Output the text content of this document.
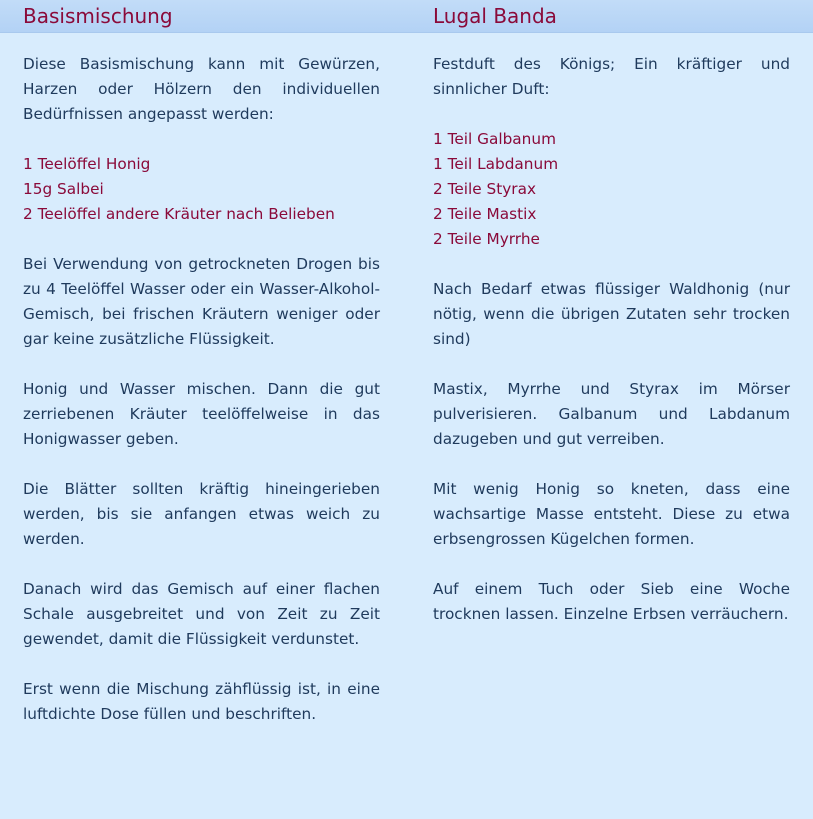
Basismischung

Diese Basismischung kann mit Gewürzen, Harzen oder Hölzern den individuellen Bedürfnissen angepasst werden:

1 Teelöffel Honig
15g Salbei
2 Teelöffel andere Kräuter nach Belieben

Bei Verwendung von getrockneten Drogen bis zu 4 Teelöffel Wasser oder ein Wasser-Alkohol-Gemisch, bei frischen Kräutern weniger oder gar keine zusätzliche Flüssigkeit.

Honig und Wasser mischen. Dann die gut zerriebenen Kräuter teelöffelweise in das Honigwasser geben.

Die Blätter sollten kräftig hineingerieben werden, bis sie anfangen etwas weich zu werden.

Danach wird das Gemisch auf einer flachen Schale ausgebreitet und von Zeit zu Zeit gewendet, damit die Flüssigkeit verdunstet.

Erst wenn die Mischung zähflüssig ist, in eine luftdichte Dose füllen und beschriften.

Lugal Banda

Festduft des Königs; Ein kräftiger und sinnlicher Duft:

1 Teil Galbanum
1 Teil Labdanum
2 Teile Styrax
2 Teile Mastix
2 Teile Myrrhe

Nach Bedarf etwas flüssiger Waldhonig (nur nötig, wenn die übrigen Zutaten sehr trocken sind)

Mastix, Myrrhe und Styrax im Mörser pulverisieren. Galbanum und Labdanum dazugeben und gut verreiben.

Mit wenig Honig so kneten, dass eine wachsartige Masse entsteht. Diese zu etwa erbsengrossen Kügelchen formen.

Auf einem Tuch oder Sieb eine Woche trocknen lassen. Einzelne Erbsen verräuchern.
